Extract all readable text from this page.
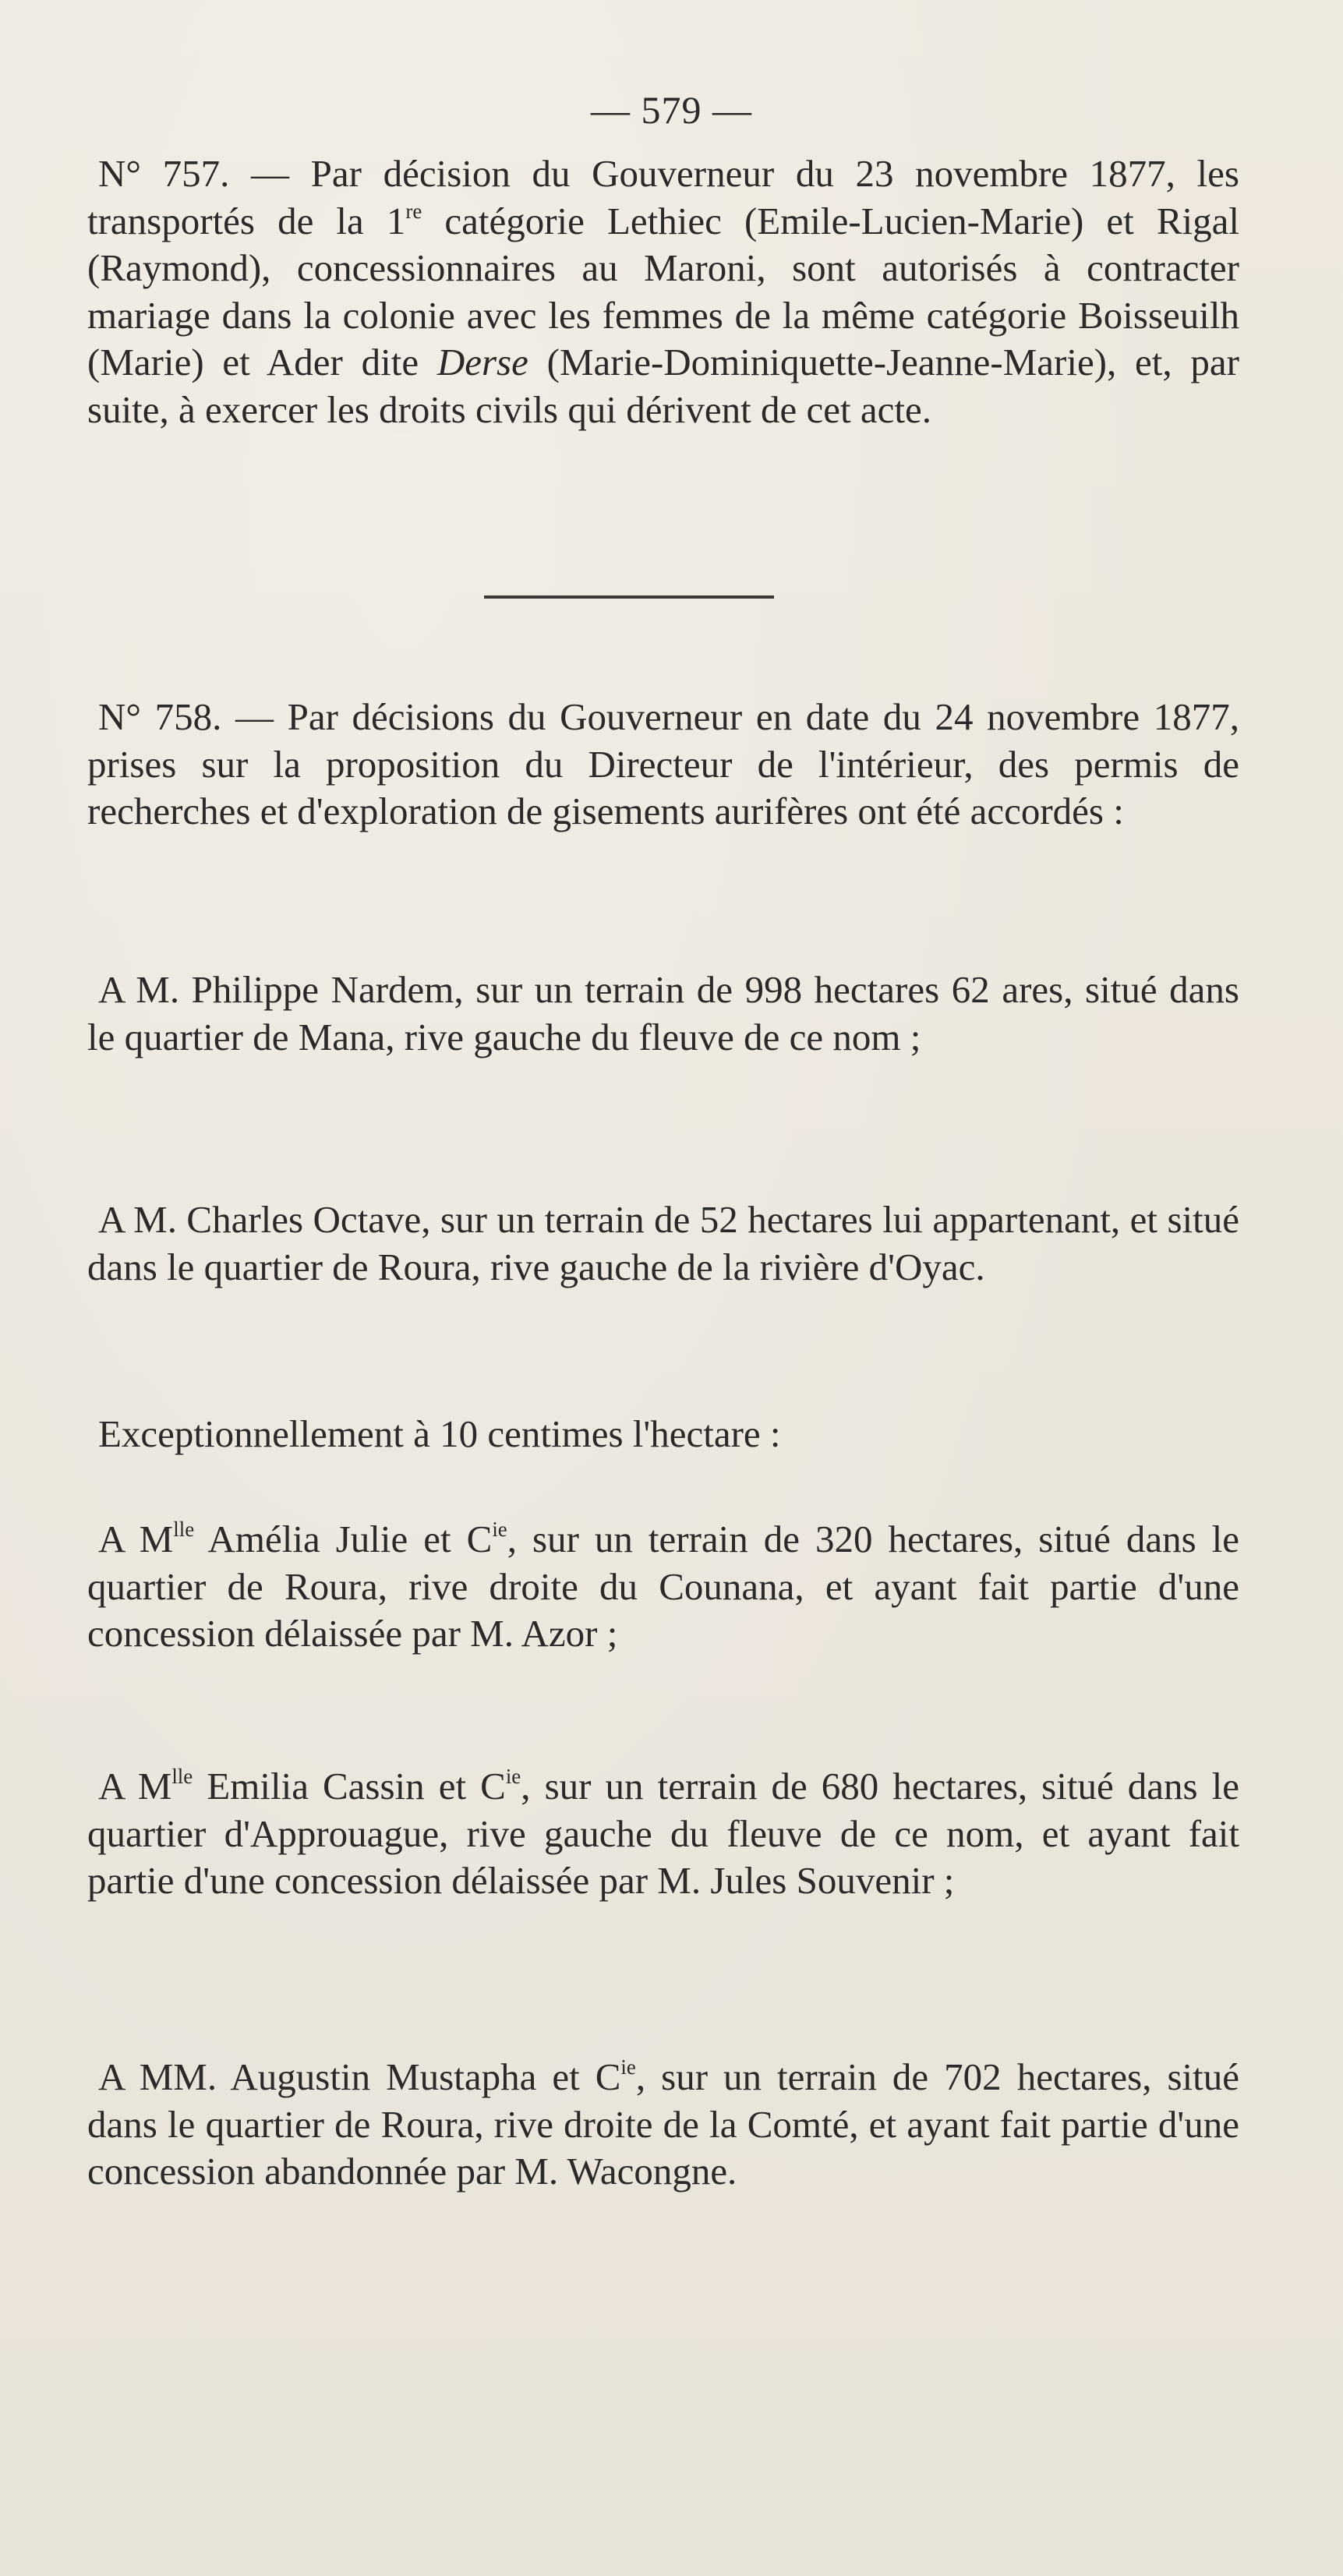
— 579 —

N° 757. — Par décision du Gouverneur du 23 novembre 1877, les transportés de la 1re catégorie Lethiec (Emile-Lucien-Marie) et Rigal (Raymond), concessionnaires au Maroni, sont autorisés à contracter mariage dans la colonie avec les femmes de la même catégorie Boisseuilh (Marie) et Ader dite Derse (Marie-Dominiquette-Jeanne-Marie), et, par suite, à exercer les droits civils qui dérivent de cet acte.

N° 758. — Par décisions du Gouverneur en date du 24 novembre 1877, prises sur la proposition du Directeur de l'intérieur, des permis de recherches et d'exploration de gisements aurifères ont été accordés :

A M. Philippe Nardem, sur un terrain de 998 hectares 62 ares, situé dans le quartier de Mana, rive gauche du fleuve de ce nom ;

A M. Charles Octave, sur un terrain de 52 hectares lui appartenant, et situé dans le quartier de Roura, rive gauche de la rivière d'Oyac.

Exceptionnellement à 10 centimes l'hectare :

A $M^{lle}$ Amélia Julie et $C^{ie}$, sur un terrain de 320 hectares, situé dans le quartier de Roura, rive droite du Counana, et ayant fait partie d'une concession délaissée par M. Azor ;

A $M^{lle}$ Emilia Cassin et $C^{ie}$, sur un terrain de 680 hectares, situé dans le quartier d'Approuague, rive gauche du fleuve de ce nom, et ayant fait partie d'une concession délaissée par M. Jules Souvenir ;

A MM. Augustin Mustapha et $C^{ie}$, sur un terrain de 702 hectares, situé dans le quartier de Roura, rive droite de la Comté, et ayant fait partie d'une concession abandonnée par M. Wacongne.
